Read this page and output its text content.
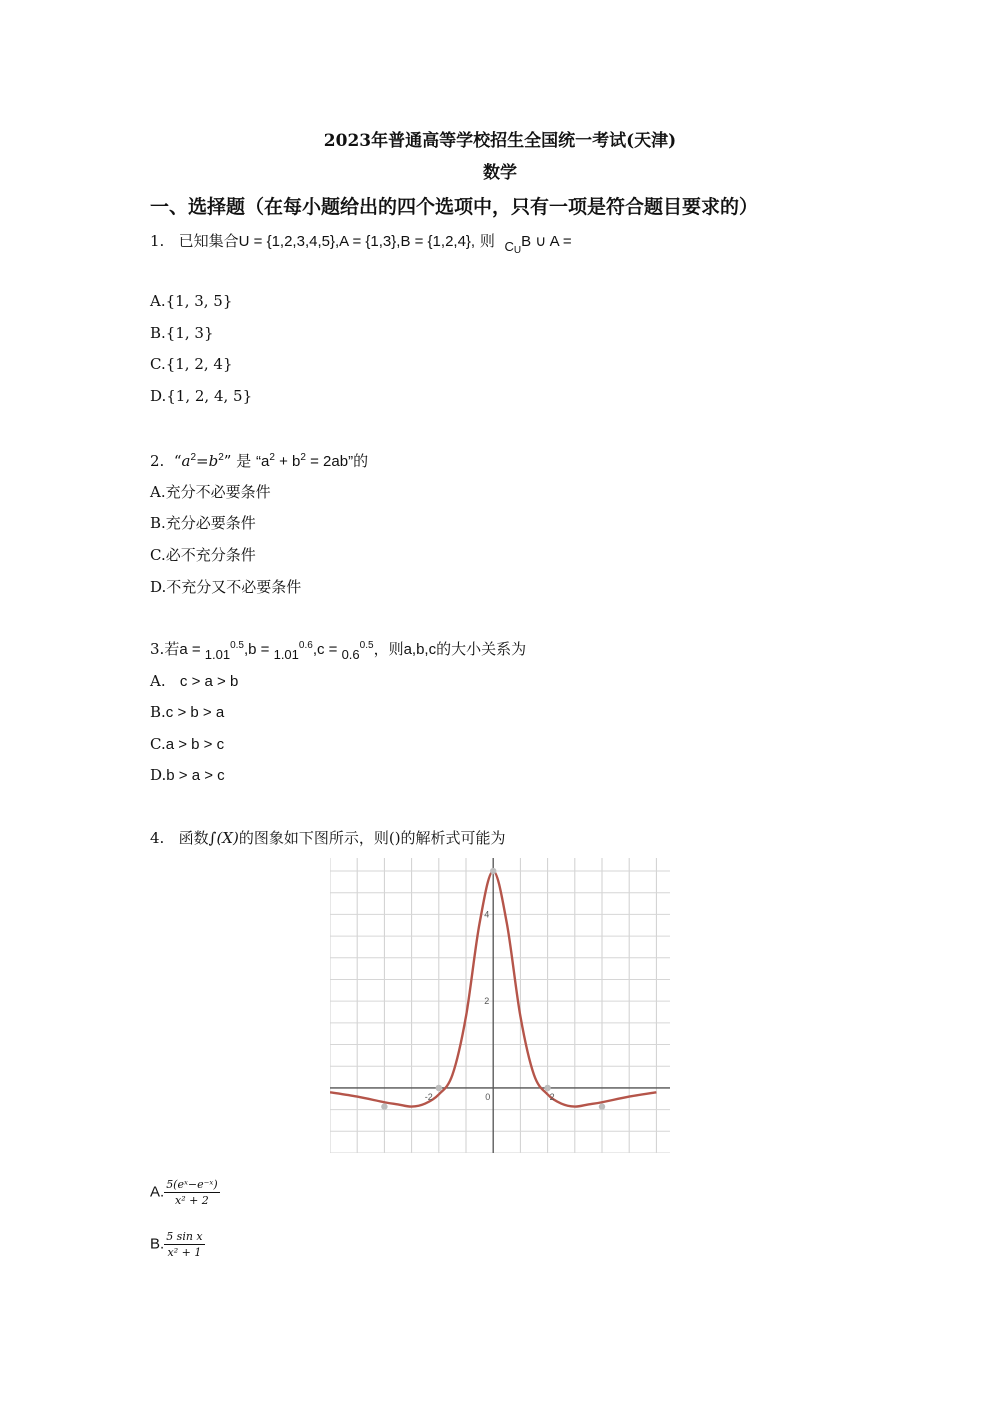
2023年普通高等学校招生全国统一考试(天津)
数学
一、选择题（在每小题给出的四个选项中，只有一项是符合题目要求的）
1. 已知集合U = {1,2,3,4,5},A = {1,3},B = {1,2,4}, 则 $C_UB$ ∪ A =
A.{1, 3, 5}
B.{1, 3}
C.{1, 2, 4}
D.{1, 2, 4, 5}
2. “$a^2=b^2$” 是 “$a^2 + b^2 = 2ab$”的
A.充分不必要条件
B.充分必要条件
C.必不充分条件
D.不充分又不必要条件
3.若$a = 1.01^{0.5},b = 1.01^{0.6},c = 0.6^{0.5}$，则a,b,c的大小关系为
A. c > a > b
B.c > b > a
C.a > b > c
D.b > a > c
4. 函数∫(X)的图象如下图所示，则()的解析式可能为
4
2
0
-2	2
A. $\frac{\text{5(eˣ−e⁻ˣ)}}{\text{x² + 2}}$
B. $\frac{\text{5 sin x}}{\text{x² + 1}}$
